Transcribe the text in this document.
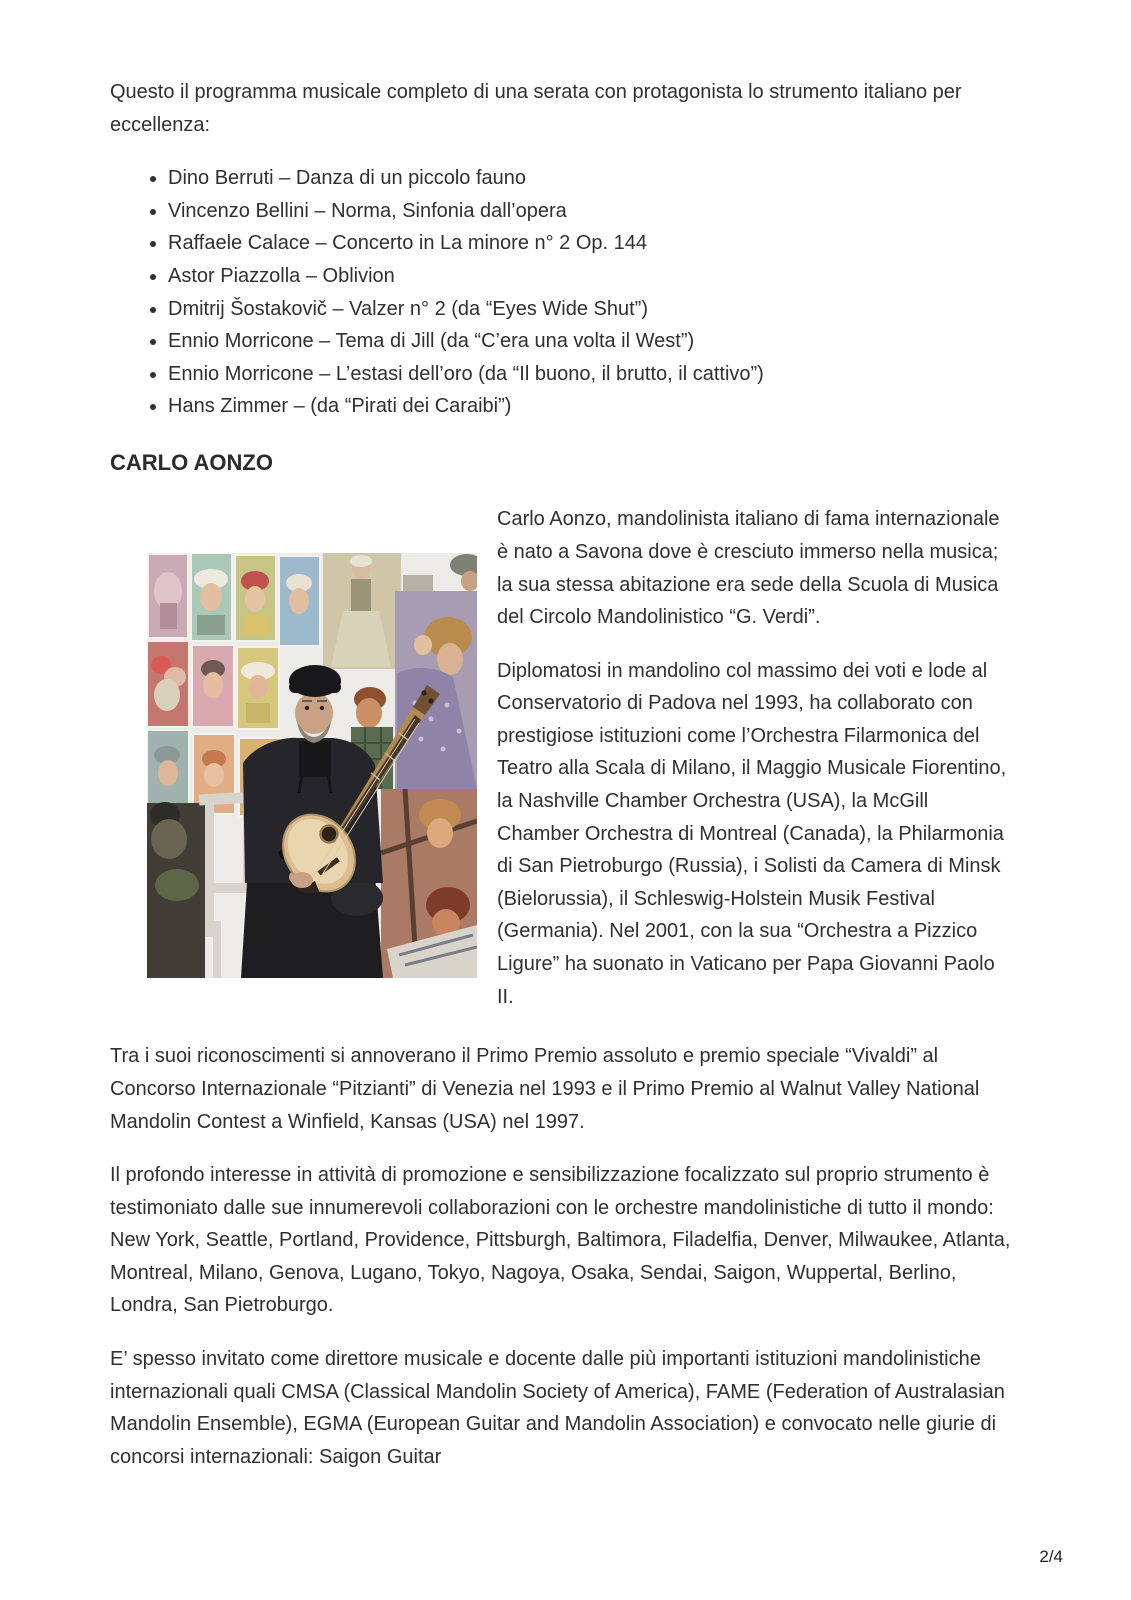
Questo il programma musicale completo di una serata con protagonista lo strumento italiano per eccellenza:

• Dino Berruti – Danza di un piccolo fauno
• Vincenzo Bellini – Norma, Sinfonia dall’opera
• Raffaele Calace – Concerto in La minore n° 2 Op. 144
• Astor Piazzolla – Oblivion
• Dmitrij Šostakovič – Valzer n° 2 (da “Eyes Wide Shut”)
• Ennio Morricone – Tema di Jill (da “C’era una volta il West”)
• Ennio Morricone – L’estasi dell’oro (da “Il buono, il brutto, il cattivo”)
• Hans Zimmer – (da “Pirati dei Caraibi”)
CARLO AONZO

Carlo Aonzo, mandolinista italiano di fama internazionale è nato a Savona dove è cresciuto immerso nella musica; la sua stessa abitazione era sede della Scuola di Musica del Circolo Mandolinistico “G. Verdi”.

Diplomatosi in mandolino col massimo dei voti e lode al Conservatorio di Padova nel 1993, ha collaborato con prestigiose istituzioni come l’Orchestra Filarmonica del Teatro alla Scala di Milano, il Maggio Musicale Fiorentino, la Nashville Chamber Orchestra (USA), la McGill Chamber Orchestra di Montreal (Canada), la Philarmonia di San Pietroburgo (Russia), i Solisti da Camera di Minsk (Bielorussia), il Schleswig-Holstein Musik Festival (Germania). Nel 2001, con la sua “Orchestra a Pizzico Ligure” ha suonato in Vaticano per Papa Giovanni Paolo II.

Tra i suoi riconoscimenti si annoverano il Primo Premio assoluto e premio speciale “Vivaldi” al Concorso Internazionale “Pitzianti” di Venezia nel 1993 e il Primo Premio al Walnut Valley National Mandolin Contest a Winfield, Kansas (USA) nel 1997.

Il profondo interesse in attività di promozione e sensibilizzazione focalizzato sul proprio strumento è testimoniato dalle sue innumerevoli collaborazioni con le orchestre mandolinistiche di tutto il mondo: New York, Seattle, Portland, Providence, Pittsburgh, Baltimora, Filadelfia, Denver, Milwaukee, Atlanta, Montreal, Milano, Genova, Lugano, Tokyo, Nagoya, Osaka, Sendai, Saigon, Wuppertal, Berlino, Londra, San Pietroburgo.

E’ spesso invitato come direttore musicale e docente dalle più importanti istituzioni mandolinistiche internazionali quali CMSA (Classical Mandolin Society of America), FAME (Federation of Australasian Mandolin Ensemble), EGMA (European Guitar and Mandolin Association) e convocato nelle giurie di concorsi internazionali: Saigon Guitar

2/4
